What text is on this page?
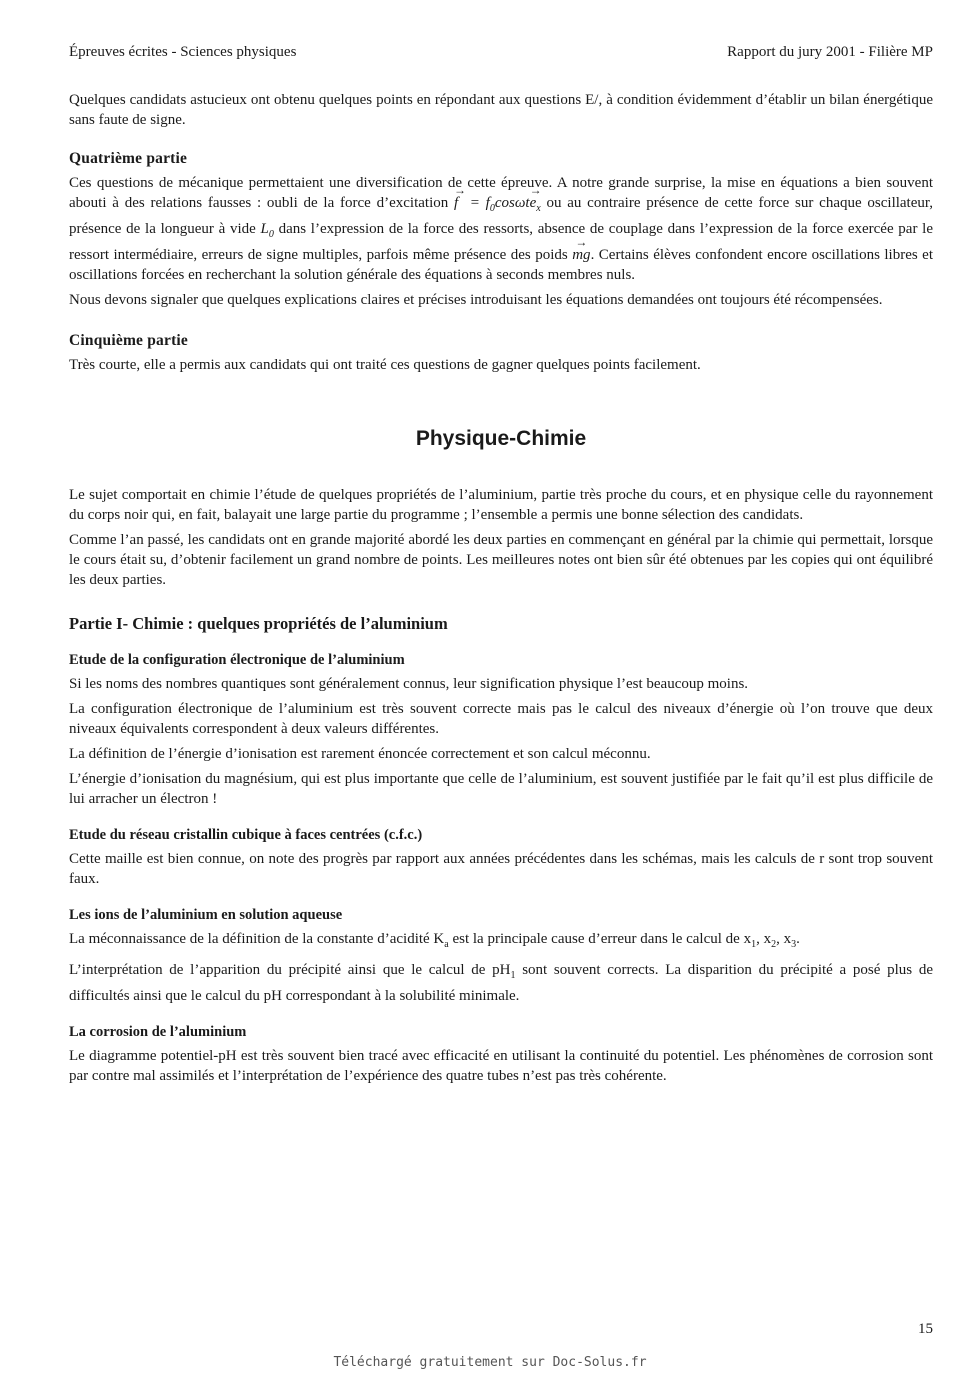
Épreuves écrites - Sciences physiques	Rapport du jury 2001 - Filière MP

Quelques candidats astucieux ont obtenu quelques points en répondant aux questions E/, à condition évidemment d’établir un bilan énergétique sans faute de signe.

Quatrième partie

Ces questions de mécanique permettaient une diversification de cette épreuve. A notre grande surprise, la mise en équations a bien souvent abouti à des relations fausses : oubli de la force d’excitation → $f = f_0\cos\omega t\to e_x$ ou au contraire présence de cette force sur chaque oscillateur, présence de la longueur à vide $L_0$ dans l’expression de la force des ressorts, absence de couplage dans l’expression de la force exercée par le ressort intermédiaire, erreurs de signe multiples, parfois même présence des poids → mg. Certains élèves confondent encore oscillations libres et oscillations forcées en recherchant la solution générale des équations à seconds membres nuls.

Nous devons signaler que quelques explications claires et précises introduisant les équations demandées ont toujours été récompensées.

Cinquième partie

Très courte, elle a permis aux candidats qui ont traité ces questions de gagner quelques points facilement.

Physique-Chimie

Le sujet comportait en chimie l’étude de quelques propriétés de l’aluminium, partie très proche du cours, et en physique celle du rayonnement du corps noir qui, en fait, balayait une large partie du programme ; l’ensemble a permis une bonne sélection des candidats.

Comme l’an passé, les candidats ont en grande majorité abordé les deux parties en commençant en général par la chimie qui permettait, lorsque le cours était su, d’obtenir facilement un grand nombre de points. Les meilleures notes ont bien sûr été obtenues par les copies qui ont équilibré les deux parties.

Partie I- Chimie : quelques propriétés de l’aluminium
Etude de la configuration électronique de l’aluminium

Si les noms des nombres quantiques sont généralement connus, leur signification physique l’est beaucoup moins.

La configuration électronique de l’aluminium est très souvent correcte mais pas le calcul des niveaux d’énergie où l’on trouve que deux niveaux équivalents correspondent à deux valeurs différentes.

La définition de l’énergie d’ionisation est rarement énoncée correctement et son calcul méconnu.

L’énergie d’ionisation du magnésium, qui est plus importante que celle de l’aluminium, est souvent justifiée par le fait qu’il est plus difficile de lui arracher un électron !

Etude du réseau cristallin cubique à faces centrées (c.f.c.)

Cette maille est bien connue, on note des progrès par rapport aux années précédentes dans les schémas, mais les calculs de r sont trop souvent faux.

Les ions de l’aluminium en solution aqueuse

La méconnaissance de la définition de la constante d’acidité $K_a$ est la principale cause d’erreur dans le calcul de $x_1$, $x_2$, $x_3$.

L’interprétation de l’apparition du précipité ainsi que le calcul de $pH_1$ sont souvent corrects. La disparition du précipité a posé plus de difficultés ainsi que le calcul du pH correspondant à la solubilité minimale.

La corrosion de l’aluminium

Le diagramme potentiel-pH est très souvent bien tracé avec efficacité en utilisant la continuité du potentiel. Les phénomènes de corrosion sont par contre mal assimilés et l’interprétation de l’expérience des quatre tubes n’est pas très cohérente.

15
Téléchargé gratuitement sur Doc-Solus.fr
